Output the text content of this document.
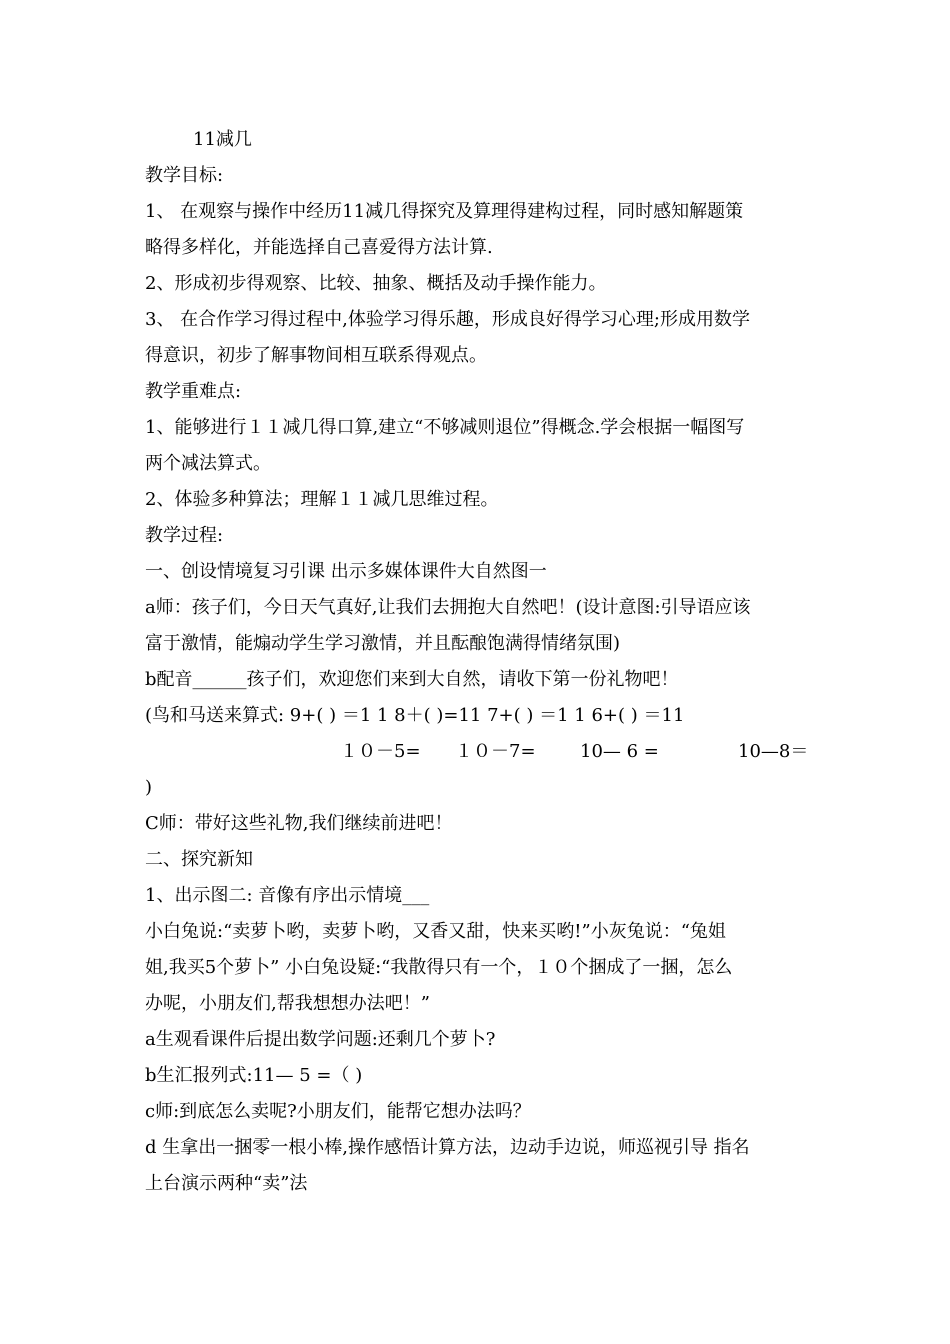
11减几
教学目标:
1、 在观察与操作中经历11减几得探究及算理得建构过程，同时感知解题策
略得多样化，并能选择自己喜爱得方法计算.
2、形成初步得观察、比较、抽象、概括及动手操作能力。
3、 在合作学习得过程中,体验学习得乐趣，形成良好得学习心理;形成用数学
得意识，初步了解事物间相互联系得观点。
教学重难点:
1、能够进行１１减几得口算,建立“不够减则退位”得概念.学会根据一幅图写
两个减法算式。
2、体验多种算法；理解１１减几思维过程。
教学过程:
一、创设情境复习引课 出示多媒体课件大自然图一
a师：孩子们，今日天气真好,让我们去拥抱大自然吧！(设计意图:引导语应该
富于激情，能煽动学生学习激情，并且酝酿饱满得情绪氛围)
b配音______孩子们，欢迎您们来到大自然，请收下第一份礼物吧！
(鸟和马送来算式: 9+( ) ＝1 1 8＋( )=11 7+( ) ＝1 1 6+( ) ＝11
１０－5= １０－7= 10— 6 =	10—8＝
)
C师：带好这些礼物,我们继续前进吧！
二、探究新知
1、出示图二: 音像有序出示情境___
小白兔说:“卖萝卜哟，卖萝卜哟，又香又甜，快来买哟!”小灰兔说：“兔姐
姐,我买5个萝卜” 小白兔设疑:“我散得只有一个，１０个捆成了一捆，怎么
办呢，小朋友们,帮我想想办法吧！”
a生观看课件后提出数学问题:还剩几个萝卜?
b生汇报列式:11— 5 =（ )
c师:到底怎么卖呢?小朋友们，能帮它想办法吗？
d 生拿出一捆零一根小棒,操作感悟计算方法，边动手边说，师巡视引导 指名
上台演示两种“卖”法
